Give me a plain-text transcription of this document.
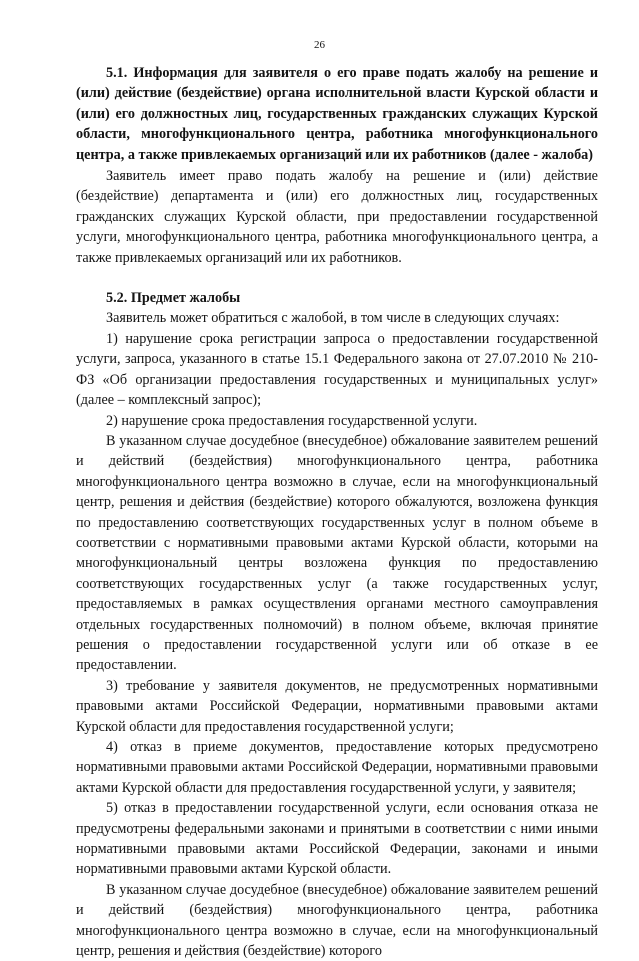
26
5.1. Информация для заявителя о его праве подать жалобу на решение и (или) действие (бездействие) органа исполнительной власти Курской области и (или) его должностных лиц, государственных гражданских служащих Курской области, многофункционального центра, работника многофункционального центра, а также привлекаемых организаций или их работников (далее - жалоба)

Заявитель имеет право подать жалобу на решение и (или) действие (бездействие) департамента и (или) его должностных лиц, государственных гражданских служащих Курской области, при предоставлении государственной услуги, многофункционального центра, работника многофункционального центра, а также привлекаемых организаций или их работников.

5.2. Предмет жалобы

Заявитель может обратиться с жалобой, в том числе в следующих случаях:

1) нарушение срока регистрации запроса о предоставлении государственной услуги, запроса, указанного в статье 15.1 Федерального закона от 27.07.2010 № 210-ФЗ «Об организации предоставления государственных и муниципальных услуг» (далее – комплексный запрос);

2) нарушение срока предоставления государственной услуги.

В указанном случае досудебное (внесудебное) обжалование заявителем решений и действий (бездействия) многофункционального центра, работника многофункционального центра возможно в случае, если на многофункциональный центр, решения и действия (бездействие) которого обжалуются, возложена функция по предоставлению соответствующих государственных услуг в полном объеме в соответствии с нормативными правовыми актами Курской области, которыми на многофункциональный центры возложена функция по предоставлению соответствующих государственных услуг (а также государственных услуг, предоставляемых в рамках осуществления органами местного самоуправления отдельных государственных полномочий) в полном объеме, включая принятие решения о предоставлении государственной услуги или об отказе в ее предоставлении.

3) требование у заявителя документов, не предусмотренных нормативными правовыми актами Российской Федерации, нормативными правовыми актами Курской области для предоставления государственной услуги;

4) отказ в приеме документов, предоставление которых предусмотрено нормативными правовыми актами Российской Федерации, нормативными правовыми актами Курской области для предоставления государственной услуги, у заявителя;

5) отказ в предоставлении государственной услуги, если основания отказа не предусмотрены федеральными законами и принятыми в соответствии с ними иными нормативными правовыми актами Российской Федерации, законами и иными нормативными правовыми актами Курской области.

В указанном случае досудебное (внесудебное) обжалование заявителем решений и действий (бездействия) многофункционального центра, работника многофункционального центра возможно в случае, если на многофункциональный центр, решения и действия (бездействие) которого
